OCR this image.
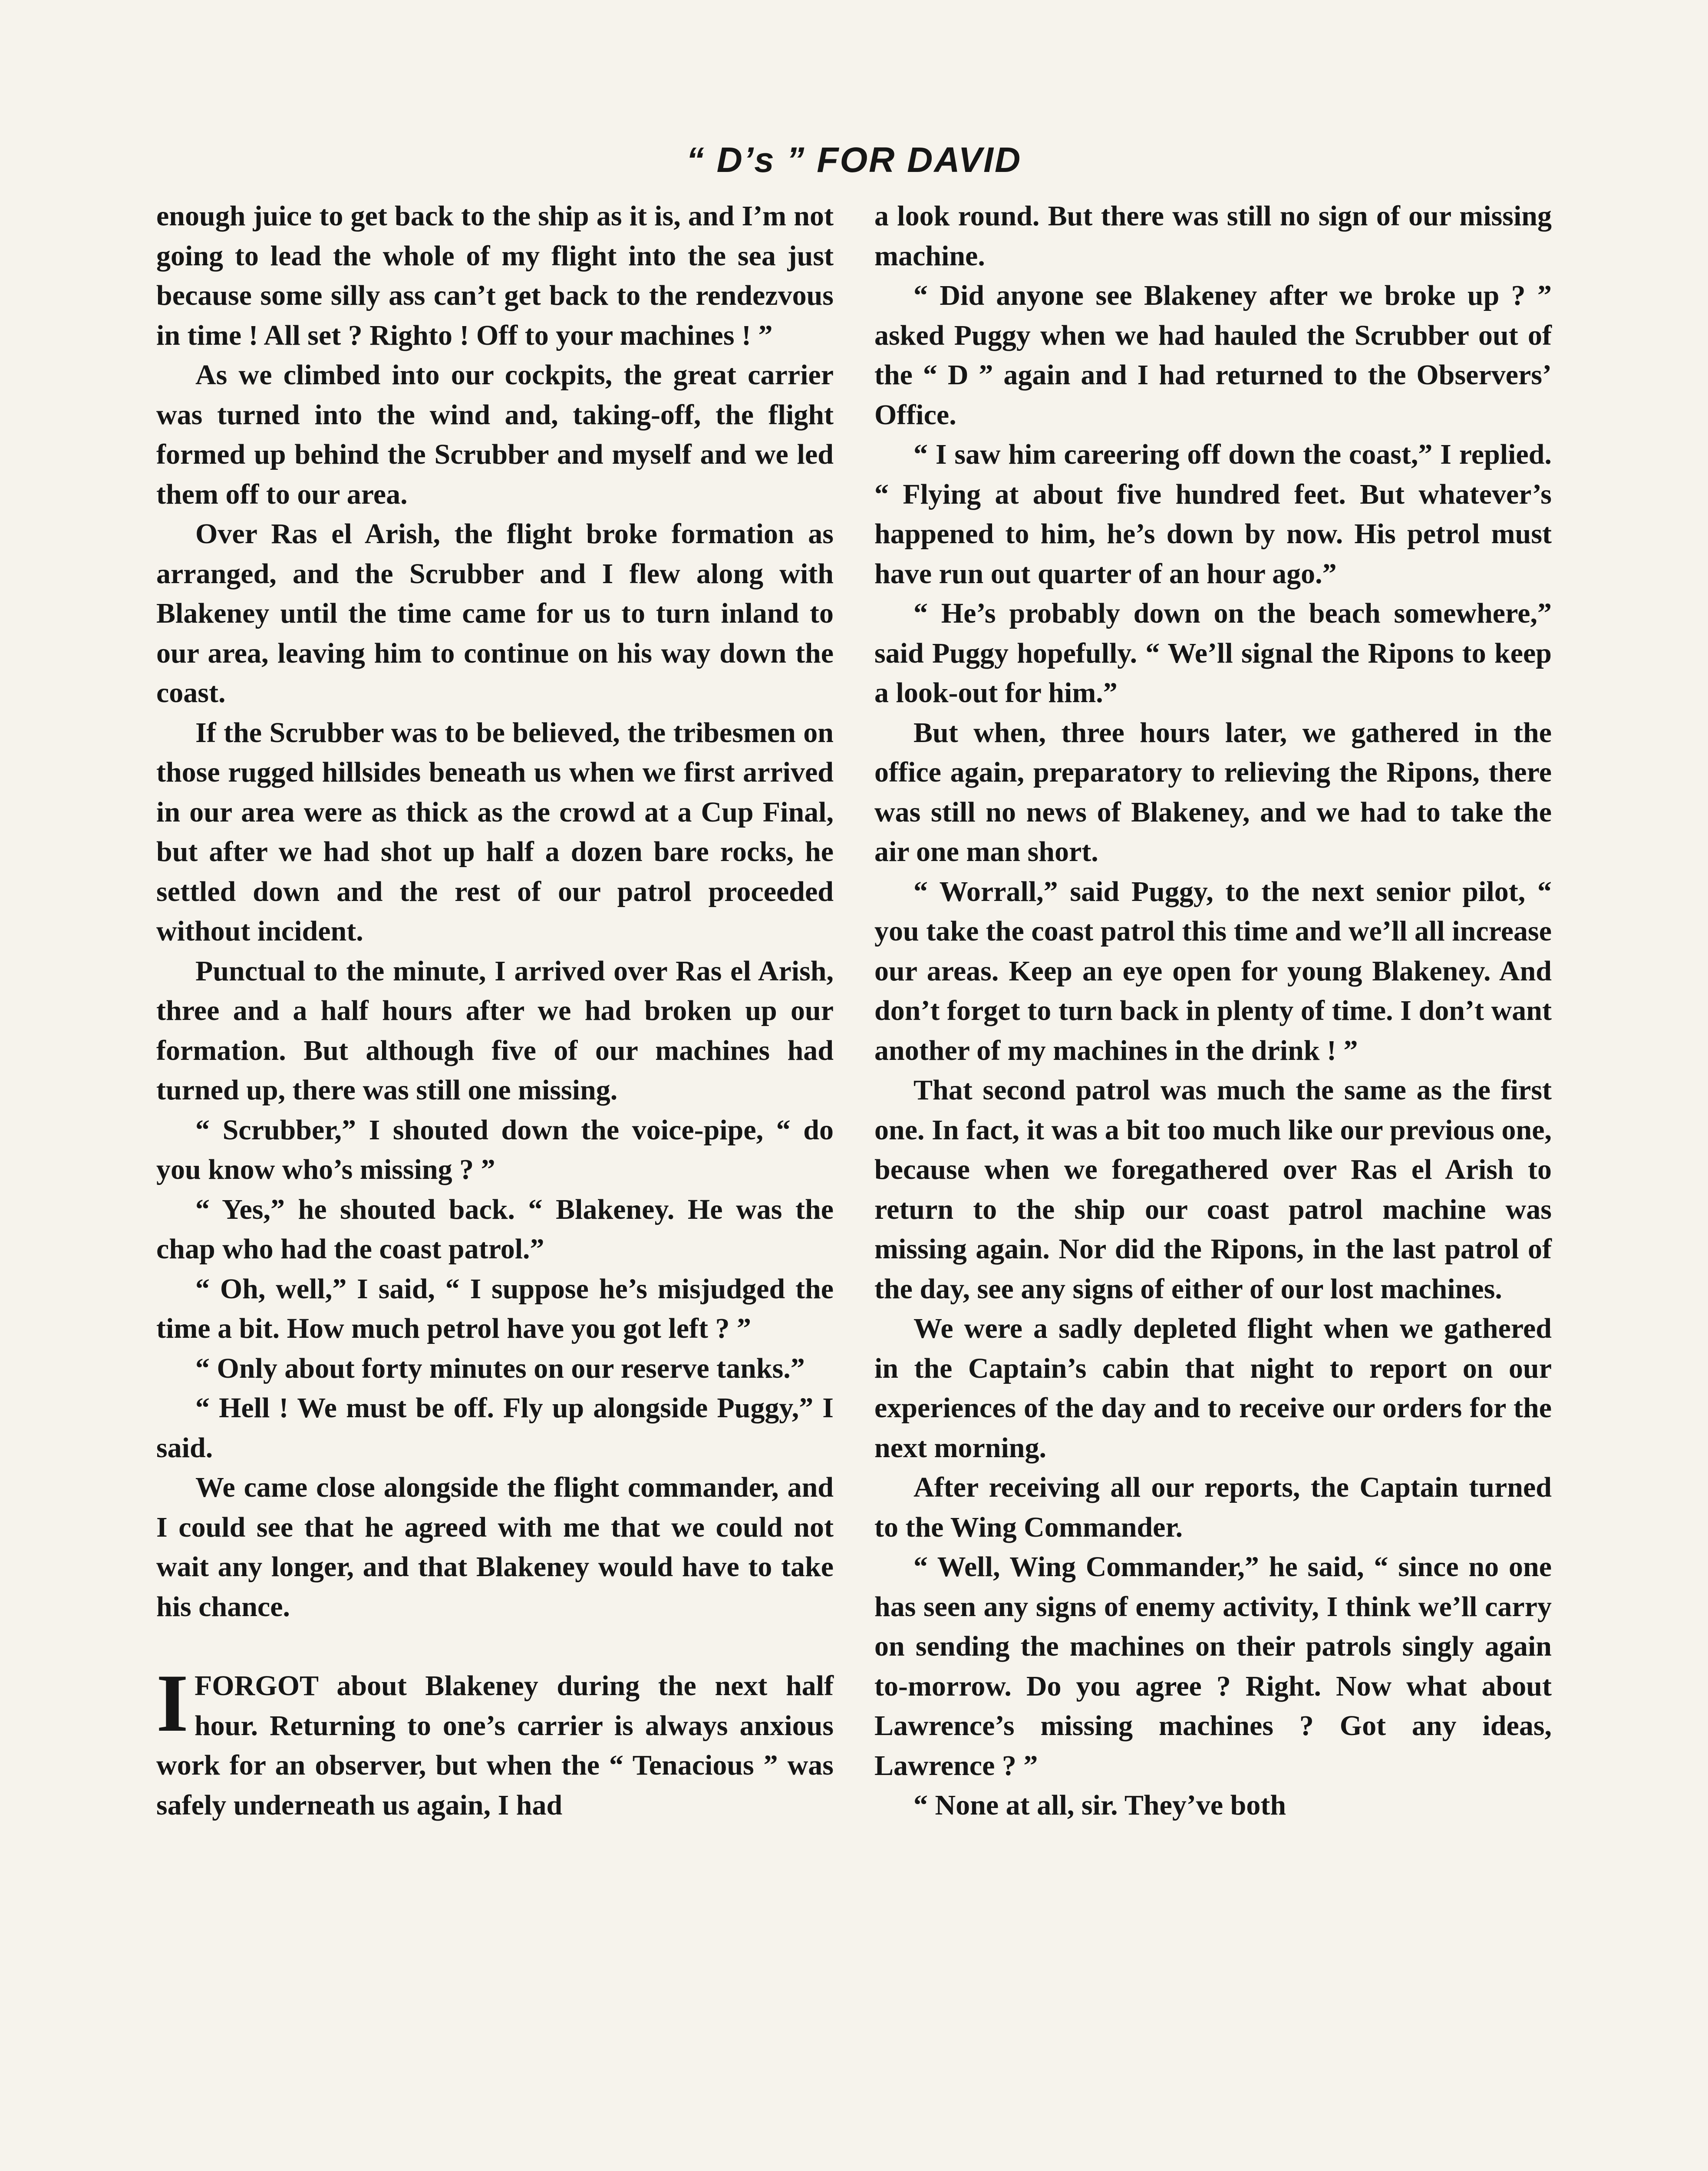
“ D’s ” FOR DAVID

enough juice to get back to the ship as it is, and I’m not going to lead the whole of my flight into the sea just because some silly ass can’t get back to the rendezvous in time ! All set ? Righto ! Off to your machines ! ”

As we climbed into our cockpits, the great carrier was turned into the wind and, taking-off, the flight formed up behind the Scrubber and myself and we led them off to our area.

Over Ras el Arish, the flight broke formation as arranged, and the Scrubber and I flew along with Blakeney until the time came for us to turn inland to our area, leaving him to continue on his way down the coast.

If the Scrubber was to be believed, the tribesmen on those rugged hillsides beneath us when we first arrived in our area were as thick as the crowd at a Cup Final, but after we had shot up half a dozen bare rocks, he settled down and the rest of our patrol proceeded without incident.

Punctual to the minute, I arrived over Ras el Arish, three and a half hours after we had broken up our formation. But although five of our machines had turned up, there was still one missing.

“ Scrubber,” I shouted down the voice-pipe, “ do you know who’s missing ? ”

“ Yes,” he shouted back. “ Blakeney. He was the chap who had the coast patrol.”

“ Oh, well,” I said, “ I suppose he’s misjudged the time a bit. How much petrol have you got left ? ”

“ Only about forty minutes on our reserve tanks.”

“ Hell ! We must be off. Fly up alongside Puggy,” I said.

We came close alongside the flight commander, and I could see that he agreed with me that we could not wait any longer, and that Blakeney would have to take his chance.

IFORGOT about Blakeney during the next half hour. Returning to one’s carrier is always anxious work for an observer, but when the “ Tenacious ” was safely underneath us again, I had

a look round. But there was still no sign of our missing machine.

“ Did anyone see Blakeney after we broke up ? ” asked Puggy when we had hauled the Scrubber out of the “ D ” again and I had returned to the Observers’ Office.

“ I saw him careering off down the coast,” I replied. “ Flying at about five hundred feet. But whatever’s happened to him, he’s down by now. His petrol must have run out quarter of an hour ago.”

“ He’s probably down on the beach somewhere,” said Puggy hopefully. “ We’ll signal the Ripons to keep a look-out for him.”

But when, three hours later, we gathered in the office again, preparatory to relieving the Ripons, there was still no news of Blakeney, and we had to take the air one man short.

“ Worrall,” said Puggy, to the next senior pilot, “ you take the coast patrol this time and we’ll all increase our areas. Keep an eye open for young Blakeney. And don’t forget to turn back in plenty of time. I don’t want another of my machines in the drink ! ”

That second patrol was much the same as the first one. In fact, it was a bit too much like our previous one, because when we foregathered over Ras el Arish to return to the ship our coast patrol machine was missing again. Nor did the Ripons, in the last patrol of the day, see any signs of either of our lost machines.

We were a sadly depleted flight when we gathered in the Captain’s cabin that night to report on our experiences of the day and to receive our orders for the next morning.

After receiving all our reports, the Captain turned to the Wing Commander.

“ Well, Wing Commander,” he said, “ since no one has seen any signs of enemy activity, I think we’ll carry on sending the machines on their patrols singly again to-morrow. Do you agree ? Right. Now what about Lawrence’s missing machines ? Got any ideas, Lawrence ? ”

“ None at all, sir. They’ve both
